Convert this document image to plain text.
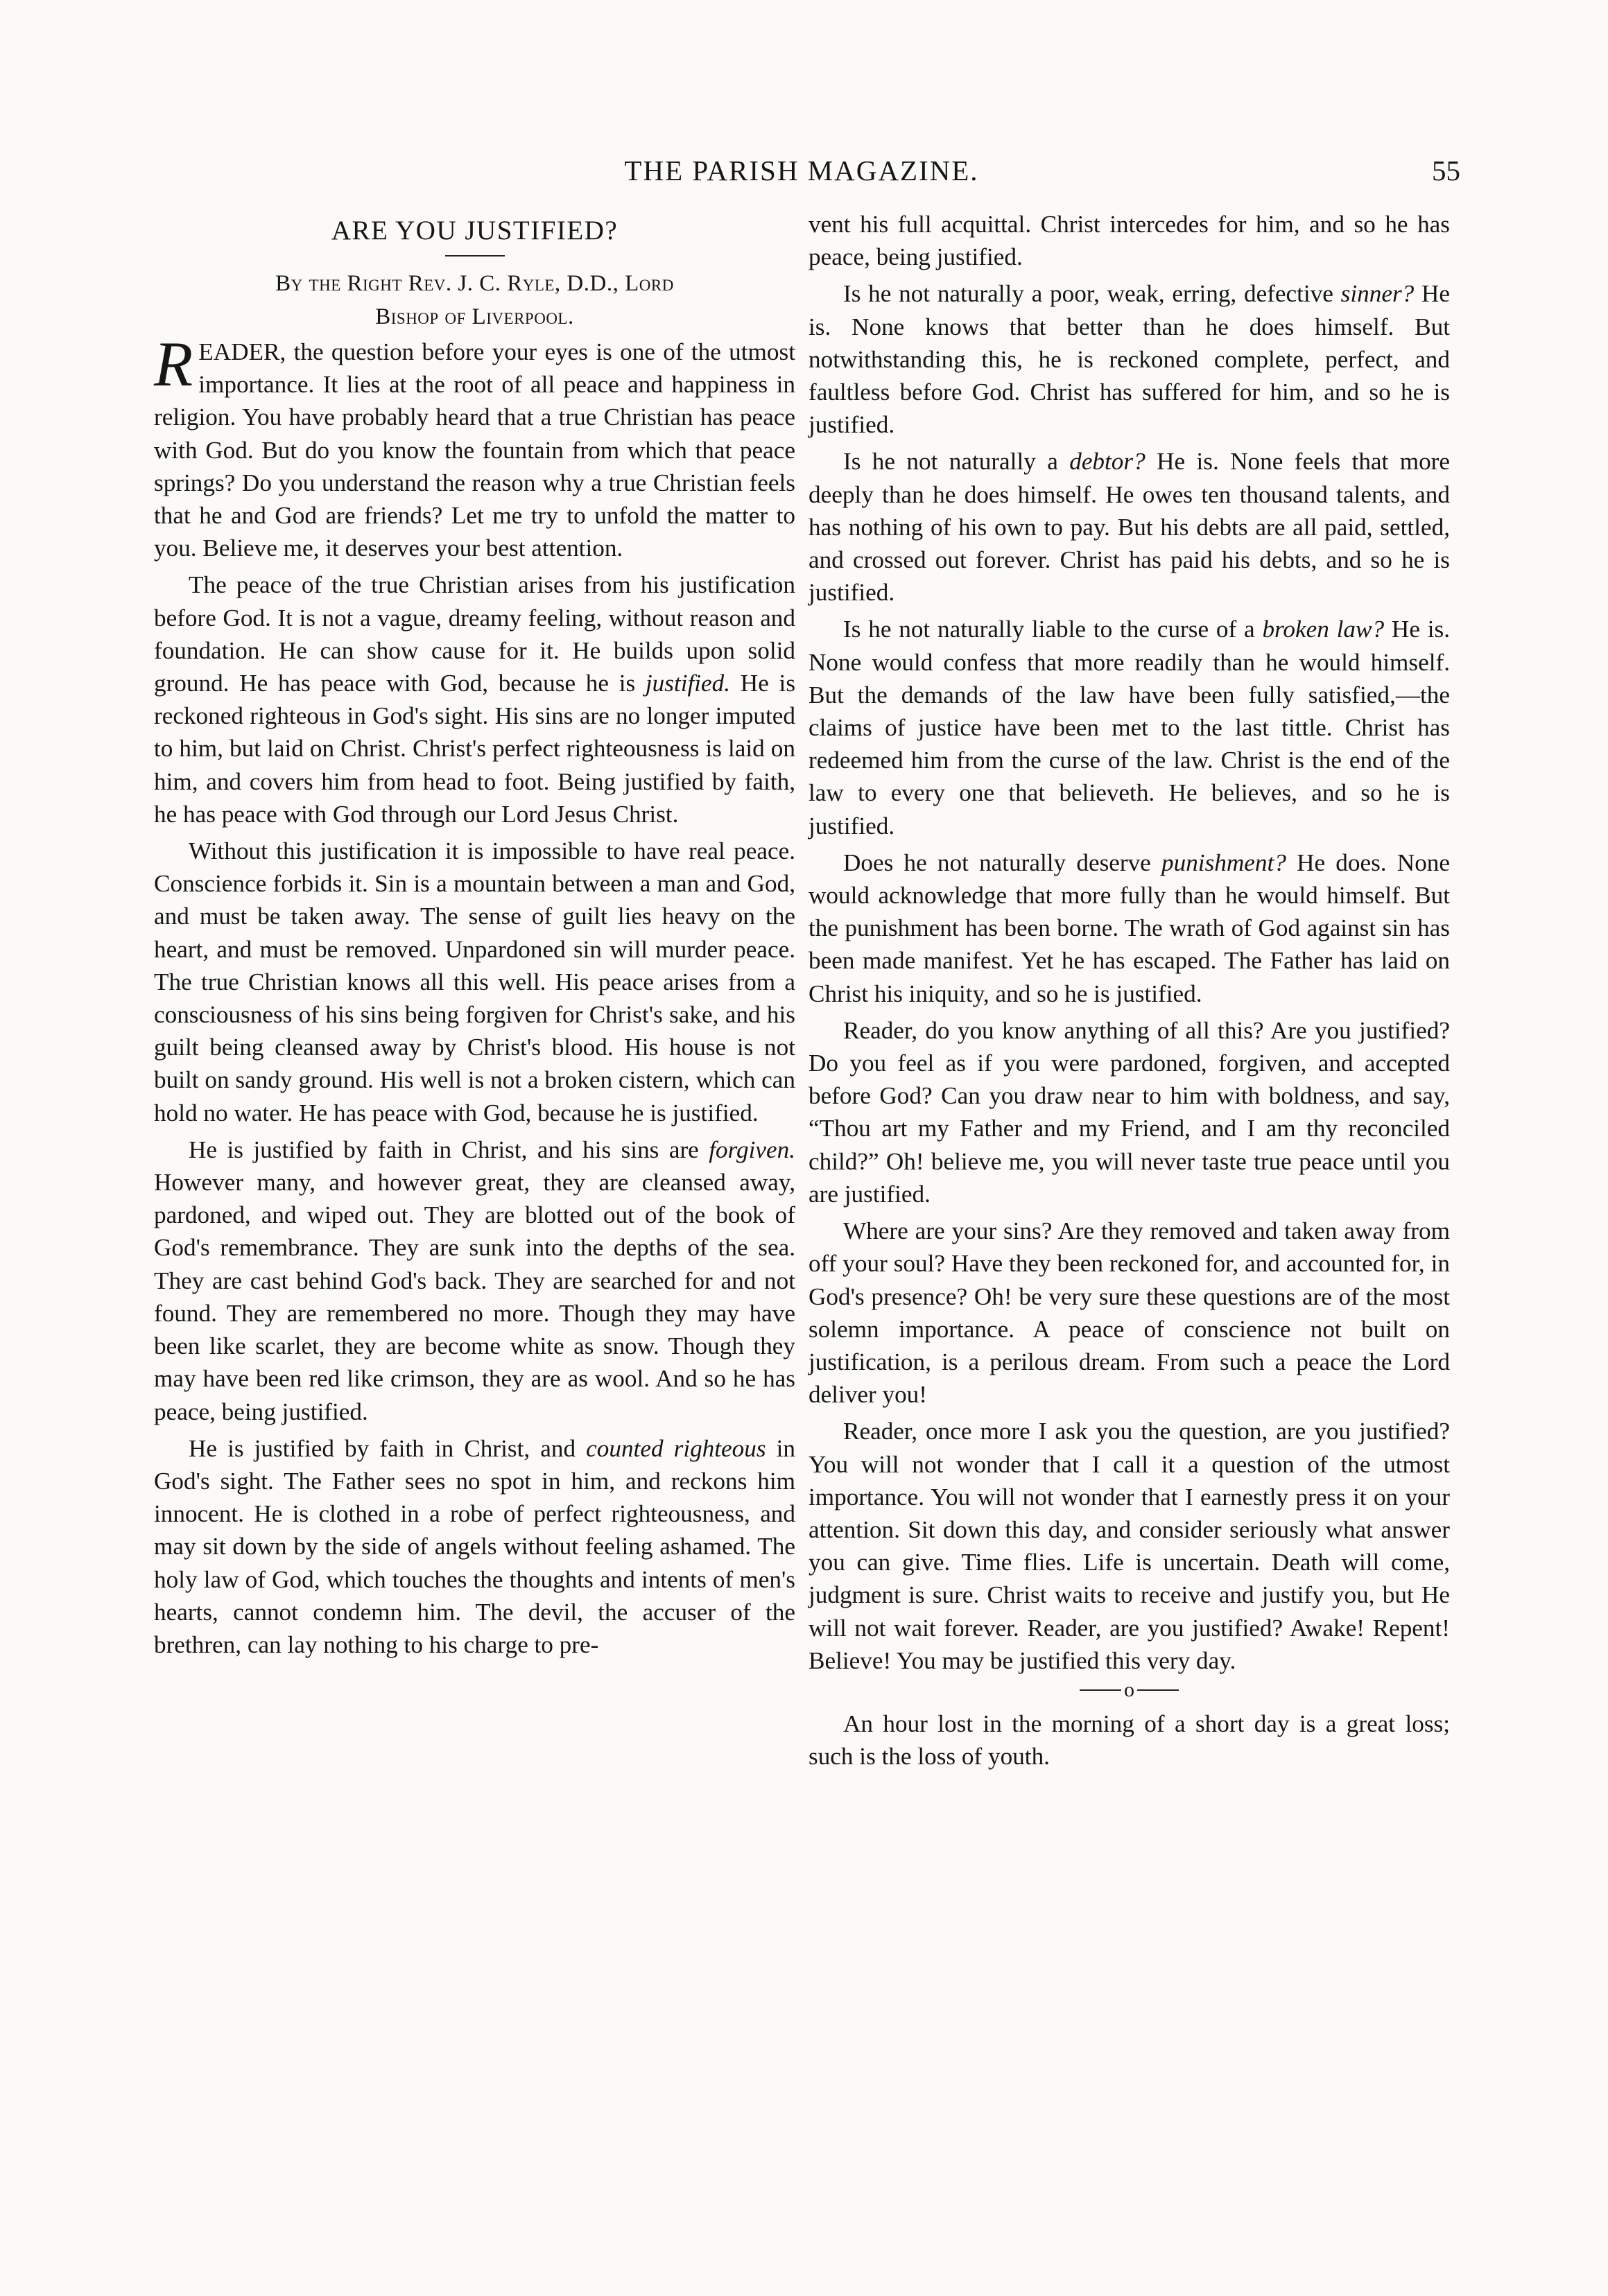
THE PARISH MAGAZINE.	55
ARE YOU JUSTIFIED?
By the Right Rev. J. C. Ryle, D.D., Lord
Bishop of Liverpool.

READER, the question before your eyes is one of the utmost importance. It lies at the root of all peace and happiness in religion. You have probably heard that a true Christian has peace with God. But do you know the fountain from which that peace springs? Do you understand the reason why a true Christian feels that he and God are friends? Let me try to unfold the matter to you. Believe me, it deserves your best attention.

The peace of the true Christian arises from his justification before God. It is not a vague, dreamy feeling, without reason and foundation. He can show cause for it. He builds upon solid ground. He has peace with God, because he is justified. He is reckoned righteous in God's sight. His sins are no longer imputed to him, but laid on Christ. Christ's perfect righteousness is laid on him, and covers him from head to foot. Being justified by faith, he has peace with God through our Lord Jesus Christ.

Without this justification it is impossible to have real peace. Conscience forbids it. Sin is a mountain between a man and God, and must be taken away. The sense of guilt lies heavy on the heart, and must be removed. Unpardoned sin will murder peace. The true Christian knows all this well. His peace arises from a consciousness of his sins being forgiven for Christ's sake, and his guilt being cleansed away by Christ's blood. His house is not built on sandy ground. His well is not a broken cistern, which can hold no water. He has peace with God, because he is justified.

He is justified by faith in Christ, and his sins are forgiven. However many, and however great, they are cleansed away, pardoned, and wiped out. They are blotted out of the book of God's remembrance. They are sunk into the depths of the sea. They are cast behind God's back. They are searched for and not found. They are remembered no more. Though they may have been like scarlet, they are become white as snow. Though they may have been red like crimson, they are as wool. And so he has peace, being justified.

He is justified by faith in Christ, and counted righteous in God's sight. The Father sees no spot in him, and reckons him innocent. He is clothed in a robe of perfect righteousness, and may sit down by the side of angels without feeling ashamed. The holy law of God, which touches the thoughts and intents of men's hearts, cannot condemn him. The devil, the accuser of the brethren, can lay nothing to his charge to pre-

vent his full acquittal. Christ intercedes for him, and so he has peace, being justified.

Is he not naturally a poor, weak, erring, defective sinner? He is. None knows that better than he does himself. But notwithstanding this, he is reckoned complete, perfect, and faultless before God. Christ has suffered for him, and so he is justified.

Is he not naturally a debtor? He is. None feels that more deeply than he does himself. He owes ten thousand talents, and has nothing of his own to pay. But his debts are all paid, settled, and crossed out forever. Christ has paid his debts, and so he is justified.

Is he not naturally liable to the curse of a broken law? He is. None would confess that more readily than he would himself. But the demands of the law have been fully satisfied,—the claims of justice have been met to the last tittle. Christ has redeemed him from the curse of the law. Christ is the end of the law to every one that believeth. He believes, and so he is justified.

Does he not naturally deserve punishment? He does. None would acknowledge that more fully than he would himself. But the punishment has been borne. The wrath of God against sin has been made manifest. Yet he has escaped. The Father has laid on Christ his iniquity, and so he is justified.

Reader, do you know anything of all this? Are you justified? Do you feel as if you were pardoned, forgiven, and accepted before God? Can you draw near to him with boldness, and say, “Thou art my Father and my Friend, and I am thy reconciled child?” Oh! believe me, you will never taste true peace until you are justified.

Where are your sins? Are they removed and taken away from off your soul? Have they been reckoned for, and accounted for, in God's presence? Oh! be very sure these questions are of the most solemn importance. A peace of conscience not built on justification, is a perilous dream. From such a peace the Lord deliver you!

Reader, once more I ask you the question, are you justified? You will not wonder that I call it a question of the utmost importance. You will not wonder that I earnestly press it on your attention. Sit down this day, and consider seriously what answer you can give. Time flies. Life is uncertain. Death will come, judgment is sure. Christ waits to receive and justify you, but He will not wait forever. Reader, are you justified? Awake! Repent! Believe! You may be justified this very day.

o

An hour lost in the morning of a short day is a great loss; such is the loss of youth.
